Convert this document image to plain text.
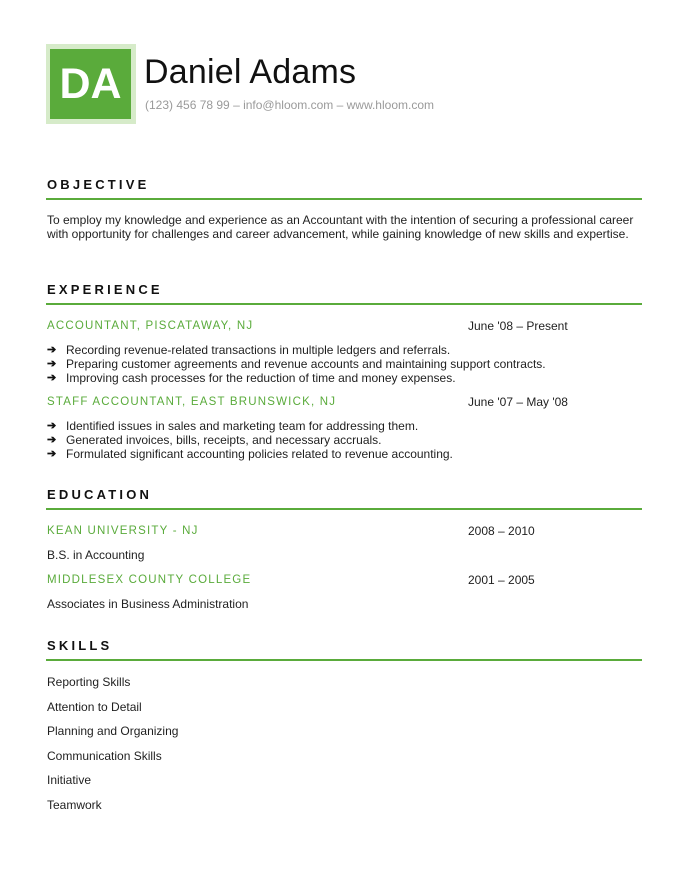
DA Daniel Adams
(123) 456 78 99 – info@hloom.com – www.hloom.com
OBJECTIVE
To employ my knowledge and experience as an Accountant with the intention of securing a professional career with opportunity for challenges and career advancement, while gaining knowledge of new skills and expertise.
EXPERIENCE
ACCOUNTANT, PISCATAWAY, NJ	June '08 – Present
➔ Recording revenue-related transactions in multiple ledgers and referrals.
➔ Preparing customer agreements and revenue accounts and maintaining support contracts.
➔ Improving cash processes for the reduction of time and money expenses.
STAFF ACCOUNTANT, EAST BRUNSWICK, NJ	June '07 – May '08
➔ Identified issues in sales and marketing team for addressing them.
➔ Generated invoices, bills, receipts, and necessary accruals.
➔ Formulated significant accounting policies related to revenue accounting.
EDUCATION
KEAN UNIVERSITY - NJ	2008 – 2010
B.S. in Accounting
MIDDLESEX COUNTY COLLEGE	2001 – 2005
Associates in Business Administration
SKILLS
Reporting Skills
Attention to Detail
Planning and Organizing
Communication Skills
Initiative
Teamwork
